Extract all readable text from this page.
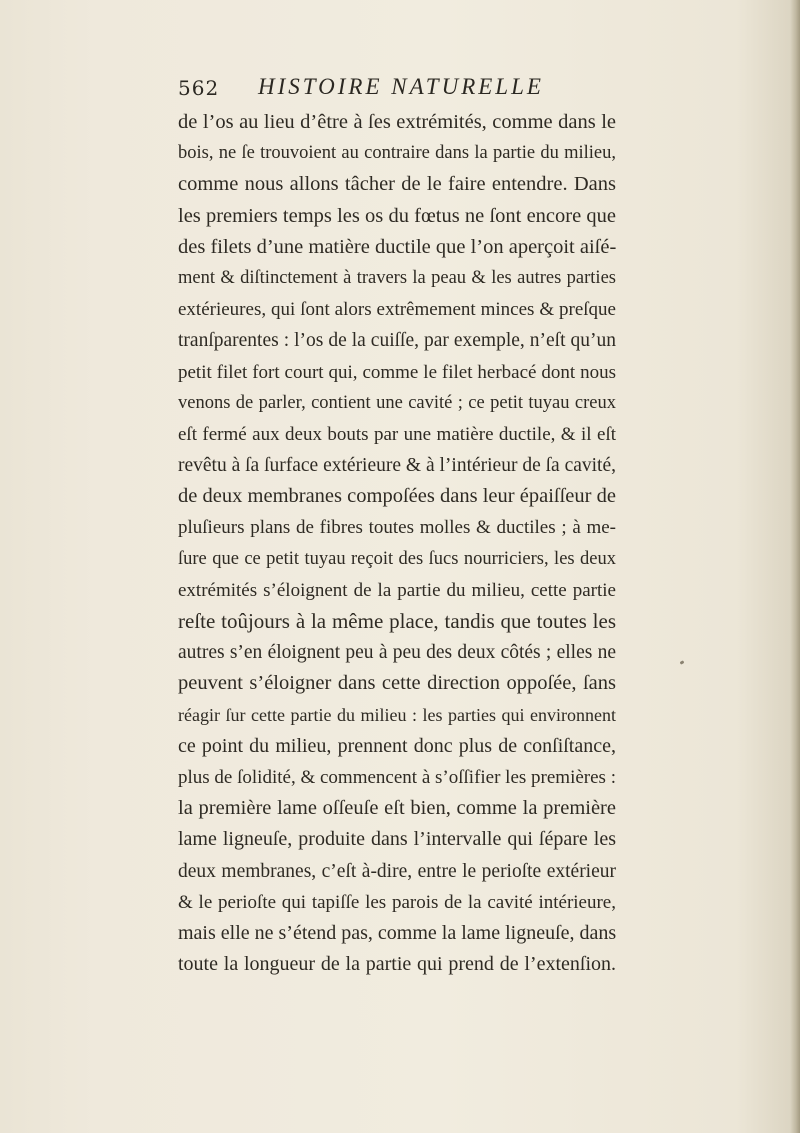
562 HISTOIRE NATURELLE
de l’os au lieu d’être à ſes extrémités, comme dans le
bois, ne ſe trouvoient au contraire dans la partie du milieu,
comme nous allons tâcher de le faire entendre. Dans
les premiers temps les os du fœtus ne ſont encore que
des filets d’une matière ductile que l’on aperçoit aiſé-
ment & diſtinctement à travers la peau & les autres parties
extérieures, qui ſont alors extrêmement minces & preſque
tranſparentes : l’os de la cuiſſe, par exemple, n’eſt qu’un
petit filet fort court qui, comme le filet herbacé dont nous
venons de parler, contient une cavité ; ce petit tuyau creux
eſt fermé aux deux bouts par une matière ductile, & il eſt
revêtu à ſa ſurface extérieure & à l’intérieur de ſa cavité,
de deux membranes compoſées dans leur épaiſſeur de
pluſieurs plans de fibres toutes molles & ductiles ; à me-
ſure que ce petit tuyau reçoit des ſucs nourriciers, les deux
extrémités s’éloignent de la partie du milieu, cette partie
reſte toûjours à la même place, tandis que toutes les
autres s’en éloignent peu à peu des deux côtés ; elles ne
peuvent s’éloigner dans cette direction oppoſée, ſans
réagir ſur cette partie du milieu : les parties qui environnent
ce point du milieu, prennent donc plus de conſiſtance,
plus de ſolidité, & commencent à s’oſſifier les premières :
la première lame oſſeuſe eſt bien, comme la première
lame ligneuſe, produite dans l’intervalle qui ſépare les
deux membranes, c’eſt à-dire, entre le perioſte extérieur
& le perioſte qui tapiſſe les parois de la cavité intérieure,
mais elle ne s’étend pas, comme la lame ligneuſe, dans
toute la longueur de la partie qui prend de l’extenſion.
